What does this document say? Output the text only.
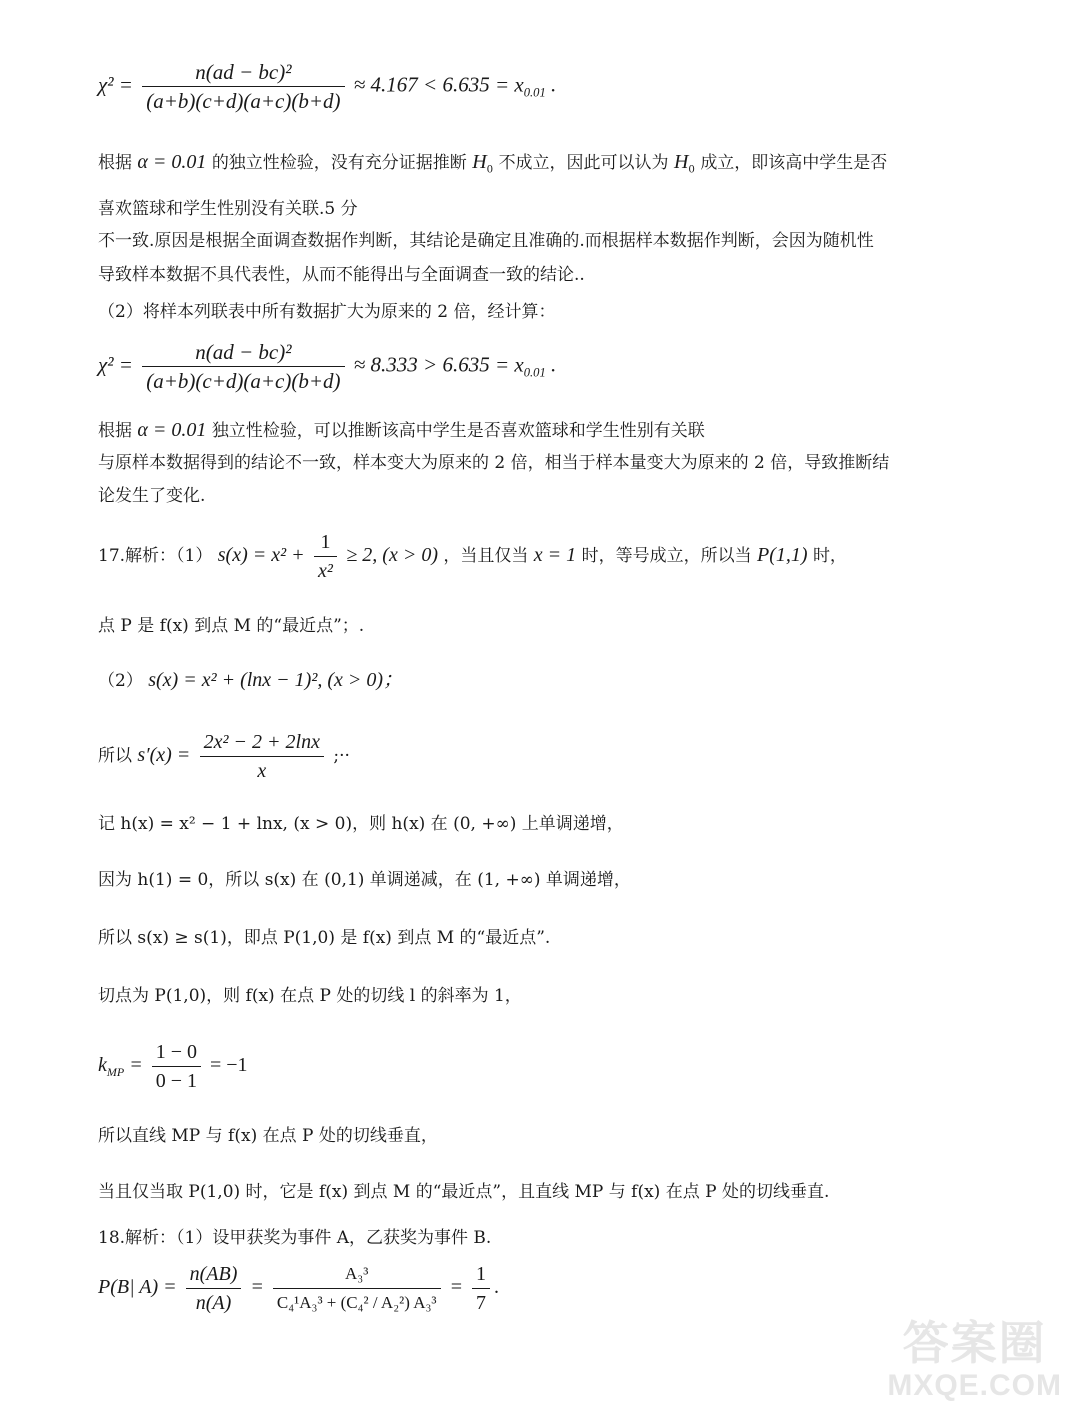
$\chi^2 = \frac{\text{n(ad − bc)²}}{(a+b)(c+d)(a+c)(b+d)} \approx 4.167 < 6.635 = x_{0.01}$ .
根据 α = 0.01 的独立性检验，没有充分证据推断 $H_0$ 不成立，因此可以认为 $H_0$ 成立，即该高中学生是否
喜欢篮球和学生性别没有关联.5 分
不一致.原因是根据全面调查数据作判断，其结论是确定且准确的.而根据样本数据作判断，会因为随机性
导致样本数据不具代表性，从而不能得出与全面调查一致的结论..
（2）将样本列联表中所有数据扩大为原来的 2 倍，经计算：
$\chi^2 = \frac{\text{n(ad − bc)²}}{(a+b)(c+d)(a+c)(b+d)} \approx 8.333 > 6.635 = x_{0.01}$ .
根据 α = 0.01 独立性检验，可以推断该高中学生是否喜欢篮球和学生性别有关联
与原样本数据得到的结论不一致，样本变大为原来的 2 倍，相当于样本量变大为原来的 2 倍，导致推断结
论发生了变化.
17.解析：（1） $s(x) = x^2 + \frac{1}{\text{x²}} \ge 2$, (x > 0) ，当且仅当 x = 1 时，等号成立，所以当 P(1,1) 时，
点 P 是 f(x) 到点 M 的“最近点”；.
（2） s(x) = x² + (lnx − 1)², (x > 0)；
所以 $s'(x) = \frac{\text{2x² − 2 + 2lnx}}{x}$ ;··
记 h(x) = x² − 1 + lnx, (x > 0)，则 h(x) 在 (0, +∞) 上单调递增，
因为 h(1) = 0，所以 s(x) 在 (0,1) 单调递减，在 (1, +∞) 单调递增，
所以 s(x) ≥ s(1)，即点 P(1,0) 是 f(x) 到点 M 的“最近点”.
切点为 P(1,0)，则 f(x) 在点 P 处的切线 l 的斜率为 1，
$k_{MP} = \frac{1 - 0}{0 - 1} = -1$
所以直线 MP 与 f(x) 在点 P 处的切线垂直，
当且仅当取 P(1,0) 时，它是 f(x) 到点 M 的“最近点”，且直线 MP 与 f(x) 在点 P 处的切线垂直.
18.解析：（1）设甲获奖为事件 A，乙获奖为事件 B.
P(B| $A) = \frac{n(AB)}{n(A)} = \frac{\text{A₃³}}{\text{C₄¹A₃³ + (C₄² / A₂²) A₃³}} = \frac{1}{7}$ .
答案圈
MXQE.COM
